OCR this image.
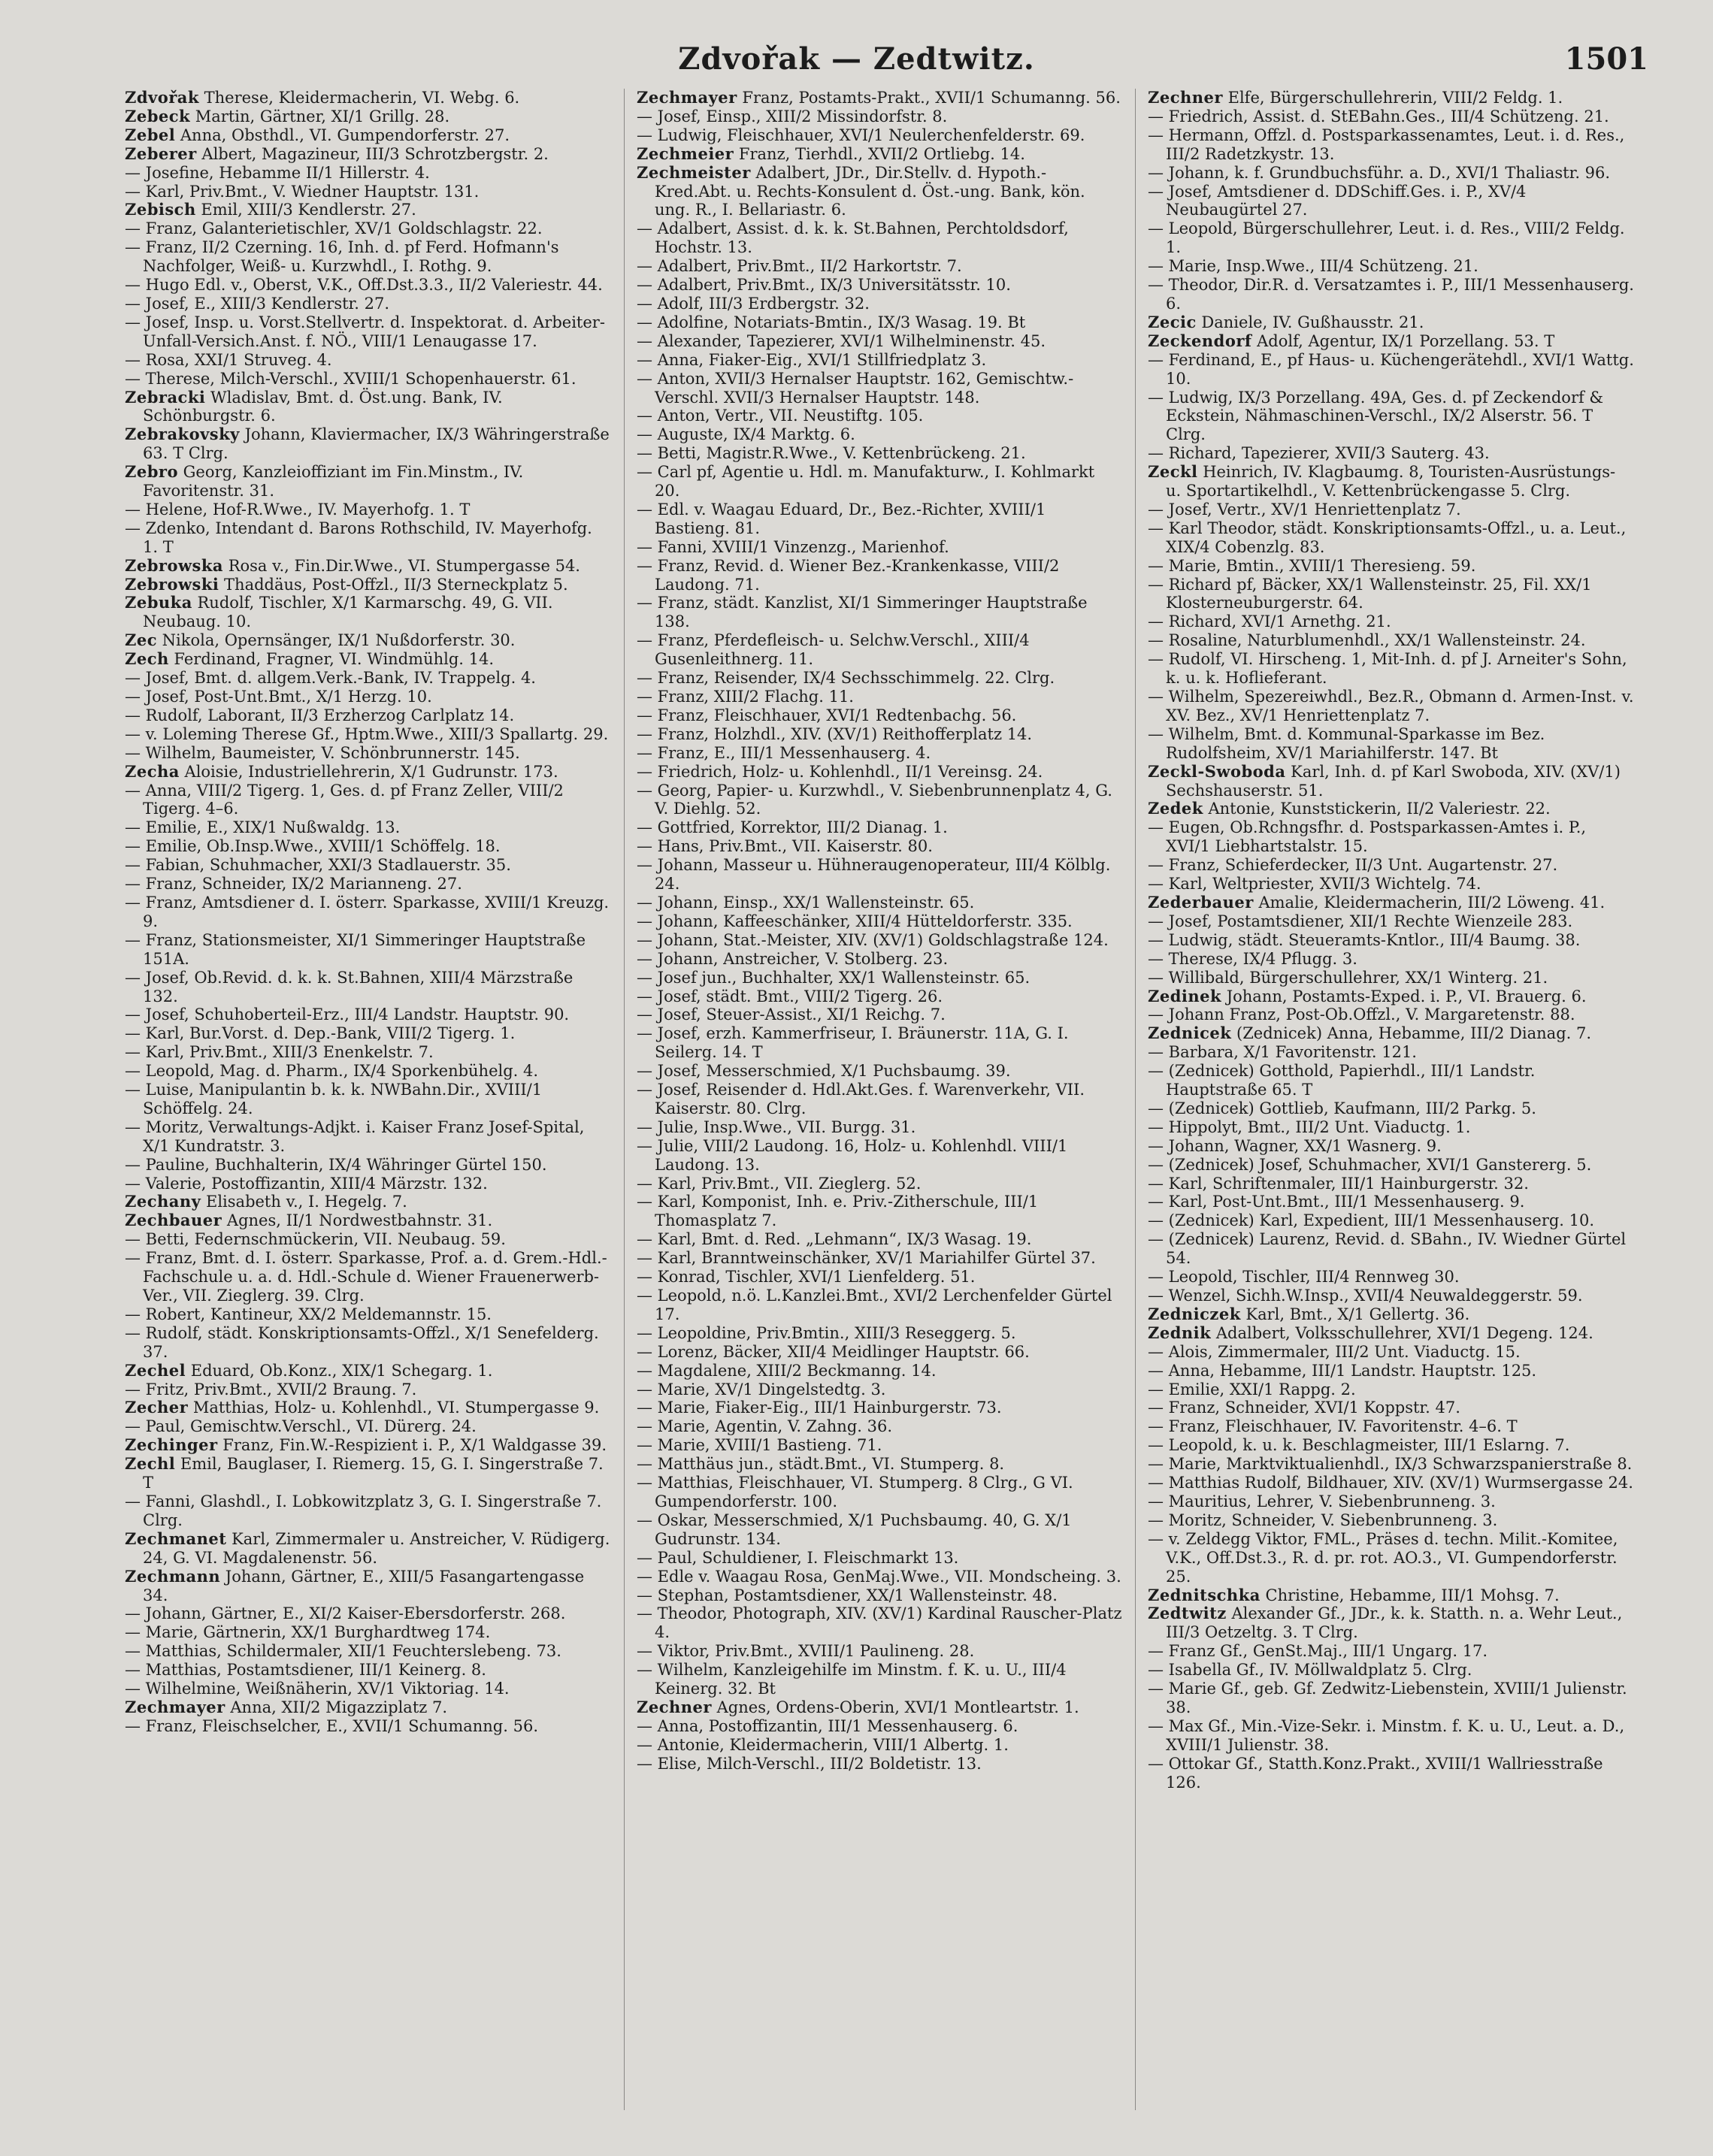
Zdvořak — Zedtwitz.	1501
Zdvořak Therese, Kleidermacherin, VI. Webg. 6.
Zebeck Martin, Gärtner, XI/1 Grillg. 28.
Zebel Anna, Obsthdl., VI. Gumpendorferstr. 27.
Zeberer Albert, Magazineur, III/3 Schrotzbergstr. 2.
— Josefine, Hebamme II/1 Hillerstr. 4.
— Karl, Priv.Bmt., V. Wiedner Hauptstr. 131.
Zebisch Emil, XIII/3 Kendlerstr. 27.
— Franz, Galanterietischler, XV/1 Goldschlagstr. 22.
— Franz, II/2 Czerning. 16, Inh. d. pf Ferd. Hofmann's Nachfolger, Weiß- u. Kurzwhdl., I. Rothg. 9.
— Hugo Edl. v., Oberst, V.K., Off.Dst.3.3., II/2 Valeriestr. 44.
— Josef, E., XIII/3 Kendlerstr. 27.
— Josef, Insp. u. Vorst.Stellvertr. d. Inspektorat. d. Arbeiter-Unfall-Versich.Anst. f. NÖ., VIII/1 Lenaugasse 17.
— Rosa, XXI/1 Struveg. 4.
— Therese, Milch-Verschl., XVIII/1 Schopenhauerstr. 61.
Zebracki Wladislav, Bmt. d. Öst.ung. Bank, IV. Schönburgstr. 6.
Zebrakovsky Johann, Klaviermacher, IX/3 Währingerstraße 63. T Clrg.
Zebro Georg, Kanzleioffiziant im Fin.Minstm., IV. Favoritenstr. 31.
— Helene, Hof-R.Wwe., IV. Mayerhofg. 1. T
— Zdenko, Intendant d. Barons Rothschild, IV. Mayerhofg. 1. T
Zebrowska Rosa v., Fin.Dir.Wwe., VI. Stumpergasse 54.
Zebrowski Thaddäus, Post-Offzl., II/3 Sterneckplatz 5.
Zebuka Rudolf, Tischler, X/1 Karmarschg. 49, G. VII. Neubaug. 10.
Zec Nikola, Opernsänger, IX/1 Nußdorferstr. 30.
Zech Ferdinand, Fragner, VI. Windmühlg. 14.
— Josef, Bmt. d. allgem.Verk.-Bank, IV. Trappelg. 4.
— Josef, Post-Unt.Bmt., X/1 Herzg. 10.
— Rudolf, Laborant, II/3 Erzherzog Carlplatz 14.
— v. Loleming Therese Gf., Hptm.Wwe., XIII/3 Spallartg. 29.
— Wilhelm, Baumeister, V. Schönbrunnerstr. 145.
Zecha Aloisie, Industriellehrerin, X/1 Gudrunstr. 173.
— Anna, VIII/2 Tigerg. 1, Ges. d. pf Franz Zeller, VIII/2 Tigerg. 4–6.
— Emilie, E., XIX/1 Nußwaldg. 13.
— Emilie, Ob.Insp.Wwe., XVIII/1 Schöffelg. 18.
— Fabian, Schuhmacher, XXI/3 Stadlauerstr. 35.
— Franz, Schneider, IX/2 Marianneng. 27.
— Franz, Amtsdiener d. I. österr. Sparkasse, XVIII/1 Kreuzg. 9.
— Franz, Stationsmeister, XI/1 Simmeringer Hauptstraße 151A.
— Josef, Ob.Revid. d. k. k. St.Bahnen, XIII/4 Märzstraße 132.
— Josef, Schuhoberteil-Erz., III/4 Landstr. Hauptstr. 90.
— Karl, Bur.Vorst. d. Dep.-Bank, VIII/2 Tigerg. 1.
— Karl, Priv.Bmt., XIII/3 Enenkelstr. 7.
— Leopold, Mag. d. Pharm., IX/4 Sporkenbühelg. 4.
— Luise, Manipulantin b. k. k. NWBahn.Dir., XVIII/1 Schöffelg. 24.
— Moritz, Verwaltungs-Adjkt. i. Kaiser Franz Josef-Spital, X/1 Kundratstr. 3.
— Pauline, Buchhalterin, IX/4 Währinger Gürtel 150.
— Valerie, Postoffizantin, XIII/4 Märzstr. 132.
Zechany Elisabeth v., I. Hegelg. 7.
Zechbauer Agnes, II/1 Nordwestbahnstr. 31.
— Betti, Federnschmückerin, VII. Neubaug. 59.
— Franz, Bmt. d. I. österr. Sparkasse, Prof. a. d. Grem.-Hdl.-Fachschule u. a. d. Hdl.-Schule d. Wiener Frauenerwerb-Ver., VII. Zieglerg. 39. Clrg.
— Robert, Kantineur, XX/2 Meldemannstr. 15.
— Rudolf, städt. Konskriptionsamts-Offzl., X/1 Senefelderg. 37.
Zechel Eduard, Ob.Konz., XIX/1 Schegarg. 1.
— Fritz, Priv.Bmt., XVII/2 Braung. 7.
Zecher Matthias, Holz- u. Kohlenhdl., VI. Stumpergasse 9.
— Paul, Gemischtw.Verschl., VI. Dürerg. 24.
Zechinger Franz, Fin.W.-Respizient i. P., X/1 Waldgasse 39.
Zechl Emil, Bauglaser, I. Riemerg. 15, G. I. Singerstraße 7. T
— Fanni, Glashdl., I. Lobkowitzplatz 3, G. I. Singerstraße 7. Clrg.
Zechmanet Karl, Zimmermaler u. Anstreicher, V. Rüdigerg. 24, G. VI. Magdalenenstr. 56.
Zechmann Johann, Gärtner, E., XIII/5 Fasangartengasse 34.
— Johann, Gärtner, E., XI/2 Kaiser-Ebersdorferstr. 268.
— Marie, Gärtnerin, XX/1 Burghardtweg 174.
— Matthias, Schildermaler, XII/1 Feuchterslebeng. 73.
— Matthias, Postamtsdiener, III/1 Keinerg. 8.
— Wilhelmine, Weißnäherin, XV/1 Viktoriag. 14.
Zechmayer Anna, XII/2 Migazziplatz 7.
— Franz, Fleischselcher, E., XVII/1 Schumanng. 56.
Zechmayer Franz, Postamts-Prakt., XVII/1 Schumanng. 56.
— Josef, Einsp., XIII/2 Missindorfstr. 8.
— Ludwig, Fleischhauer, XVI/1 Neulerchenfelderstr. 69.
Zechmeier Franz, Tierhdl., XVII/2 Ortliebg. 14.
Zechmeister Adalbert, JDr., Dir.Stellv. d. Hypoth.-Kred.Abt. u. Rechts-Konsulent d. Öst.-ung. Bank, kön. ung. R., I. Bellariastr. 6.
— Adalbert, Assist. d. k. k. St.Bahnen, Perchtoldsdorf, Hochstr. 13.
— Adalbert, Priv.Bmt., II/2 Harkortstr. 7.
— Adalbert, Priv.Bmt., IX/3 Universitätsstr. 10.
— Adolf, III/3 Erdbergstr. 32.
— Adolfine, Notariats-Bmtin., IX/3 Wasag. 19. Bt
— Alexander, Tapezierer, XVI/1 Wilhelminenstr. 45.
— Anna, Fiaker-Eig., XVI/1 Stillfriedplatz 3.
— Anton, XVII/3 Hernalser Hauptstr. 162, Gemischtw.-Verschl. XVII/3 Hernalser Hauptstr. 148.
— Anton, Vertr., VII. Neustiftg. 105.
— Auguste, IX/4 Marktg. 6.
— Betti, Magistr.R.Wwe., V. Kettenbrückeng. 21.
— Carl pf, Agentie u. Hdl. m. Manufakturw., I. Kohlmarkt 20.
— Edl. v. Waagau Eduard, Dr., Bez.-Richter, XVIII/1 Bastieng. 81.
— Fanni, XVIII/1 Vinzenzg., Marienhof.
— Franz, Revid. d. Wiener Bez.-Krankenkasse, VIII/2 Laudong. 71.
— Franz, städt. Kanzlist, XI/1 Simmeringer Hauptstraße 138.
— Franz, Pferdefleisch- u. Selchw.Verschl., XIII/4 Gusenleithnerg. 11.
— Franz, Reisender, IX/4 Sechsschimmelg. 22. Clrg.
— Franz, XIII/2 Flachg. 11.
— Franz, Fleischhauer, XVI/1 Redtenbachg. 56.
— Franz, Holzhdl., XIV. (XV/1) Reithofferplatz 14.
— Franz, E., III/1 Messenhauserg. 4.
— Friedrich, Holz- u. Kohlenhdl., II/1 Vereinsg. 24.
— Georg, Papier- u. Kurzwhdl., V. Siebenbrunnenplatz 4, G. V. Diehlg. 52.
— Gottfried, Korrektor, III/2 Dianag. 1.
— Hans, Priv.Bmt., VII. Kaiserstr. 80.
— Johann, Masseur u. Hühneraugenoperateur, III/4 Kölblg. 24.
— Johann, Einsp., XX/1 Wallensteinstr. 65.
— Johann, Kaffeeschänker, XIII/4 Hütteldorferstr. 335.
— Johann, Stat.-Meister, XIV. (XV/1) Goldschlagstraße 124.
— Johann, Anstreicher, V. Stolberg. 23.
— Josef jun., Buchhalter, XX/1 Wallensteinstr. 65.
— Josef, städt. Bmt., VIII/2 Tigerg. 26.
— Josef, Steuer-Assist., XI/1 Reichg. 7.
— Josef, erzh. Kammerfriseur, I. Bräunerstr. 11A, G. I. Seilerg. 14. T
— Josef, Messerschmied, X/1 Puchsbaumg. 39.
— Josef, Reisender d. Hdl.Akt.Ges. f. Warenverkehr, VII. Kaiserstr. 80. Clrg.
— Julie, Insp.Wwe., VII. Burgg. 31.
— Julie, VIII/2 Laudong. 16, Holz- u. Kohlenhdl. VIII/1 Laudong. 13.
— Karl, Priv.Bmt., VII. Zieglerg. 52.
— Karl, Komponist, Inh. e. Priv.-Zitherschule, III/1 Thomasplatz 7.
— Karl, Bmt. d. Red. „Lehmann“, IX/3 Wasag. 19.
— Karl, Branntweinschänker, XV/1 Mariahilfer Gürtel 37.
— Konrad, Tischler, XVI/1 Lienfelderg. 51.
— Leopold, n.ö. L.Kanzlei.Bmt., XVI/2 Lerchenfelder Gürtel 17.
— Leopoldine, Priv.Bmtin., XIII/3 Reseggerg. 5.
— Lorenz, Bäcker, XII/4 Meidlinger Hauptstr. 66.
— Magdalene, XIII/2 Beckmanng. 14.
— Marie, XV/1 Dingelstedtg. 3.
— Marie, Fiaker-Eig., III/1 Hainburgerstr. 73.
— Marie, Agentin, V. Zahng. 36.
— Marie, XVIII/1 Bastieng. 71.
— Matthäus jun., städt.Bmt., VI. Stumperg. 8.
— Matthias, Fleischhauer, VI. Stumperg. 8 Clrg., G VI. Gumpendorferstr. 100.
— Oskar, Messerschmied, X/1 Puchsbaumg. 40, G. X/1 Gudrunstr. 134.
— Paul, Schuldiener, I. Fleischmarkt 13.
— Edle v. Waagau Rosa, GenMaj.Wwe., VII. Mondscheing. 3.
— Stephan, Postamtsdiener, XX/1 Wallensteinstr. 48.
— Theodor, Photograph, XIV. (XV/1) Kardinal Rauscher-Platz 4.
— Viktor, Priv.Bmt., XVIII/1 Paulineng. 28.
— Wilhelm, Kanzleigehilfe im Minstm. f. K. u. U., III/4 Keinerg. 32. Bt
Zechner Agnes, Ordens-Oberin, XVI/1 Montleartstr. 1.
— Anna, Postoffizantin, III/1 Messenhauserg. 6.
— Antonie, Kleidermacherin, VIII/1 Albertg. 1.
— Elise, Milch-Verschl., III/2 Boldetistr. 13.
Zechner Elfe, Bürgerschullehrerin, VIII/2 Feldg. 1.
— Friedrich, Assist. d. StEBahn.Ges., III/4 Schützeng. 21.
— Hermann, Offzl. d. Postsparkassenamtes, Leut. i. d. Res., III/2 Radetzkystr. 13.
— Johann, k. f. Grundbuchsführ. a. D., XVI/1 Thaliastr. 96.
— Josef, Amtsdiener d. DDSchiff.Ges. i. P., XV/4 Neubaugürtel 27.
— Leopold, Bürgerschullehrer, Leut. i. d. Res., VIII/2 Feldg. 1.
— Marie, Insp.Wwe., III/4 Schützeng. 21.
— Theodor, Dir.R. d. Versatzamtes i. P., III/1 Messenhauserg. 6.
Zecic Daniele, IV. Gußhausstr. 21.
Zeckendorf Adolf, Agentur, IX/1 Porzellang. 53. T
— Ferdinand, E., pf Haus- u. Küchengerätehdl., XVI/1 Wattg. 10.
— Ludwig, IX/3 Porzellang. 49A, Ges. d. pf Zeckendorf & Eckstein, Nähmaschinen-Verschl., IX/2 Alserstr. 56. T Clrg.
— Richard, Tapezierer, XVII/3 Sauterg. 43.
Zeckl Heinrich, IV. Klagbaumg. 8, Touristen-Ausrüstungs- u. Sportartikelhdl., V. Kettenbrückengasse 5. Clrg.
— Josef, Vertr., XV/1 Henriettenplatz 7.
— Karl Theodor, städt. Konskriptionsamts-Offzl., u. a. Leut., XIX/4 Cobenzlg. 83.
— Marie, Bmtin., XVIII/1 Theresieng. 59.
— Richard pf, Bäcker, XX/1 Wallensteinstr. 25, Fil. XX/1 Klosterneuburgerstr. 64.
— Richard, XVI/1 Arnethg. 21.
— Rosaline, Naturblumenhdl., XX/1 Wallensteinstr. 24.
— Rudolf, VI. Hirscheng. 1, Mit-Inh. d. pf J. Arneiter's Sohn, k. u. k. Hoflieferant.
— Wilhelm, Spezereiwhdl., Bez.R., Obmann d. Armen-Inst. v. XV. Bez., XV/1 Henriettenplatz 7.
— Wilhelm, Bmt. d. Kommunal-Sparkasse im Bez. Rudolfsheim, XV/1 Mariahilferstr. 147. Bt
Zeckl-Swoboda Karl, Inh. d. pf Karl Swoboda, XIV. (XV/1) Sechshauserstr. 51.
Zedek Antonie, Kunststickerin, II/2 Valeriestr. 22.
— Eugen, Ob.Rchngsfhr. d. Postsparkassen-Amtes i. P., XVI/1 Liebhartstalstr. 15.
— Franz, Schieferdecker, II/3 Unt. Augartenstr. 27.
— Karl, Weltpriester, XVII/3 Wichtelg. 74.
Zederbauer Amalie, Kleidermacherin, III/2 Löweng. 41.
— Josef, Postamtsdiener, XII/1 Rechte Wienzeile 283.
— Ludwig, städt. Steueramts-Kntlor., III/4 Baumg. 38.
— Therese, IX/4 Pflugg. 3.
— Willibald, Bürgerschullehrer, XX/1 Winterg. 21.
Zedinek Johann, Postamts-Exped. i. P., VI. Brauerg. 6.
— Johann Franz, Post-Ob.Offzl., V. Margaretenstr. 88.
Zednicek (Zednicek) Anna, Hebamme, III/2 Dianag. 7.
— Barbara, X/1 Favoritenstr. 121.
— (Zednicek) Gotthold, Papierhdl., III/1 Landstr. Hauptstraße 65. T
— (Zednicek) Gottlieb, Kaufmann, III/2 Parkg. 5.
— Hippolyt, Bmt., III/2 Unt. Viaductg. 1.
— Johann, Wagner, XX/1 Wasnerg. 9.
— (Zednicek) Josef, Schuhmacher, XVI/1 Ganstererg. 5.
— Karl, Schriftenmaler, III/1 Hainburgerstr. 32.
— Karl, Post-Unt.Bmt., III/1 Messenhauserg. 9.
— (Zednicek) Karl, Expedient, III/1 Messenhauserg. 10.
— (Zednicek) Laurenz, Revid. d. SBahn., IV. Wiedner Gürtel 54.
— Leopold, Tischler, III/4 Rennweg 30.
— Wenzel, Sichh.W.Insp., XVII/4 Neuwaldeggerstr. 59.
Zedniczek Karl, Bmt., X/1 Gellertg. 36.
Zednik Adalbert, Volksschullehrer, XVI/1 Degeng. 124.
— Alois, Zimmermaler, III/2 Unt. Viaductg. 15.
— Anna, Hebamme, III/1 Landstr. Hauptstr. 125.
— Emilie, XXI/1 Rappg. 2.
— Franz, Schneider, XVI/1 Koppstr. 47.
— Franz, Fleischhauer, IV. Favoritenstr. 4–6. T
— Leopold, k. u. k. Beschlagmeister, III/1 Eslarng. 7.
— Marie, Marktviktualienhdl., IX/3 Schwarzspanierstraße 8.
— Matthias Rudolf, Bildhauer, XIV. (XV/1) Wurmsergasse 24.
— Mauritius, Lehrer, V. Siebenbrunneng. 3.
— Moritz, Schneider, V. Siebenbrunneng. 3.
— v. Zeldegg Viktor, FML., Präses d. techn. Milit.-Komitee, V.K., Off.Dst.3., R. d. pr. rot. AO.3., VI. Gumpendorferstr. 25.
Zednitschka Christine, Hebamme, III/1 Mohsg. 7.
Zedtwitz Alexander Gf., JDr., k. k. Statth. n. a. Wehr Leut., III/3 Oetzeltg. 3. T Clrg.
— Franz Gf., GenSt.Maj., III/1 Ungarg. 17.
— Isabella Gf., IV. Möllwaldplatz 5. Clrg.
— Marie Gf., geb. Gf. Zedwitz-Liebenstein, XVIII/1 Julienstr. 38.
— Max Gf., Min.-Vize-Sekr. i. Minstm. f. K. u. U., Leut. a. D., XVIII/1 Julienstr. 38.
— Ottokar Gf., Statth.Konz.Prakt., XVIII/1 Wallriesstraße 126.
